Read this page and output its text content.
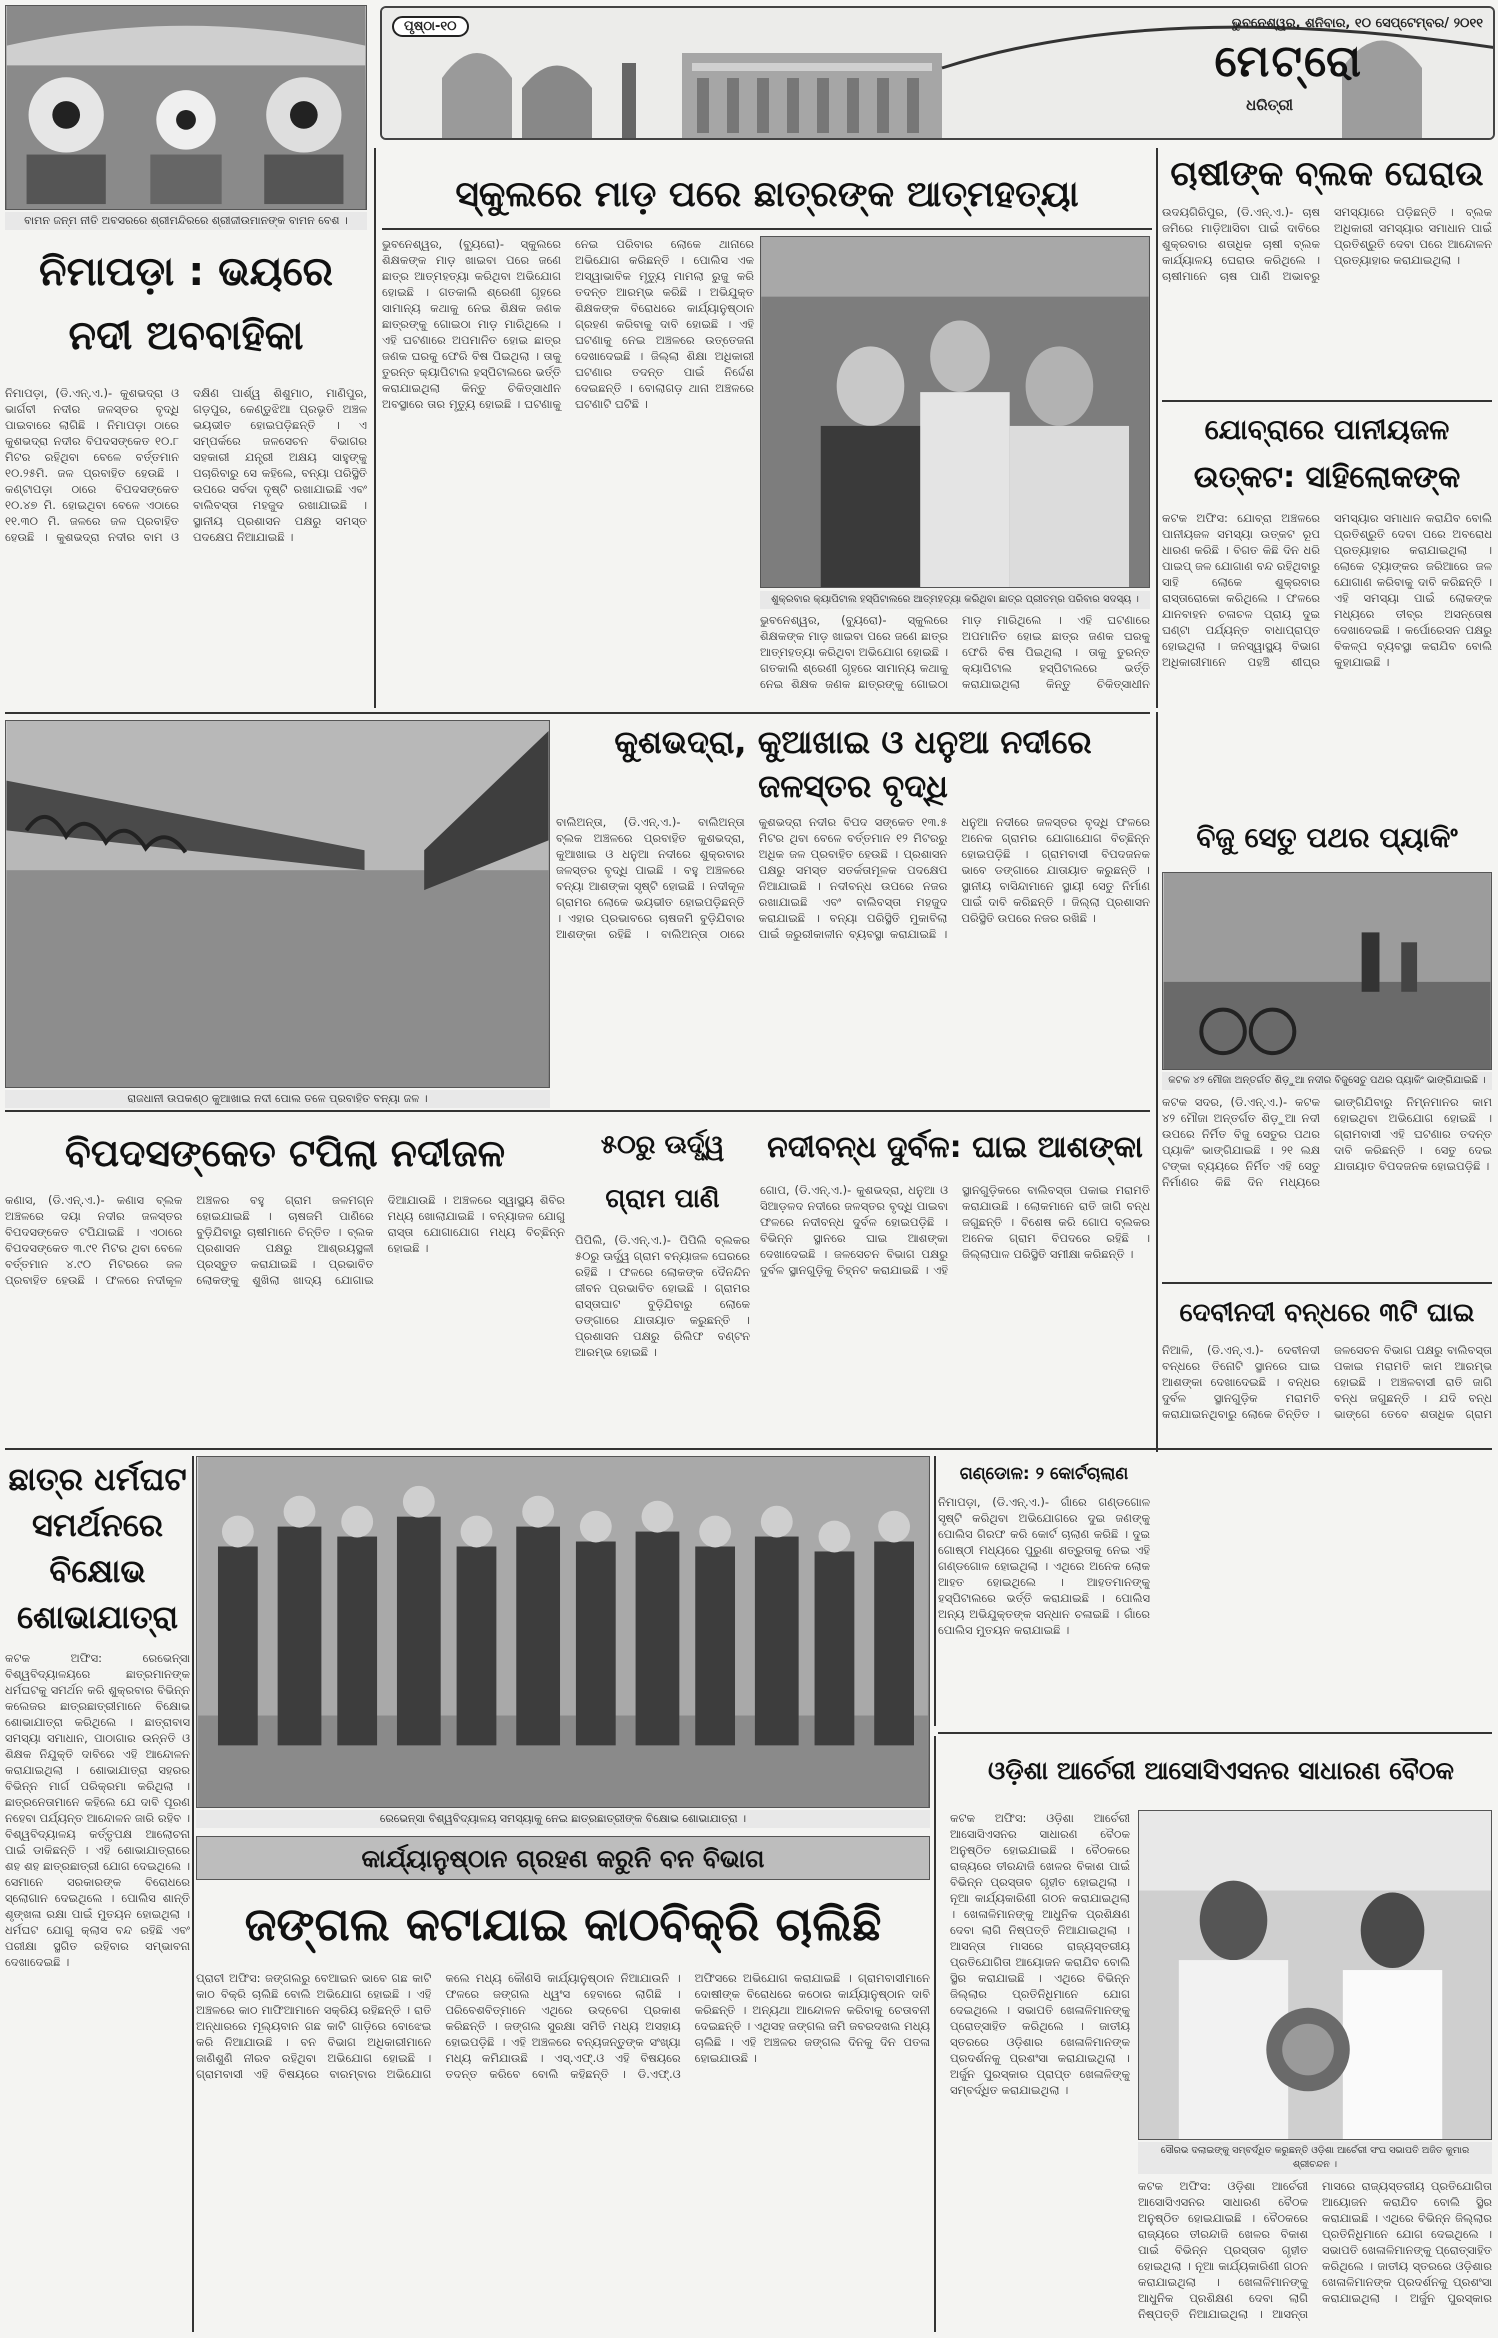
ବାମନ ଜନ୍ମ ନୀତି ଅବସରରେ ଶ୍ରୀମନ୍ଦିରରେ ଶ୍ରୀଜୀଉମାନଙ୍କ ବାମନ ବେଶ ।
ପୃଷ୍ଠା-୧୦	ଭୁବନେଶ୍ୱର, ଶନିବାର, ୧୦ ସେପ୍ଟେମ୍ବର/ ୨୦୧୧
ମେଟ୍ରୋ
ଧରିତ୍ରୀ
ନିମାପଡ଼ା : ଭୟରେ ନଦୀ ଅବବାହିକା
ନିମାପଡ଼ା, (ଡି.ଏନ୍.ଏ.)- କୁଶଭଦ୍ରା ଓ ଭାର୍ଗବୀ ନଦୀର ଜଳସ୍ତର ବୃଦ୍ଧି ପାଇବାରେ ଲାଗିଛି । ନିମାପଡ଼ା ଠାରେ କୁଶଭଦ୍ରା ନଦୀର ବିପଦସଙ୍କେତ ୧୦.୮ ମିଟର ରହିଥିବା ବେଳେ ବର୍ତ୍ତମାନ ୧୦.୨୫ମି. ଜଳ ପ୍ରବାହିତ ହେଉଛି । କଣ୍ଟାପଡ଼ା ଠାରେ ବିପଦସଙ୍କେତ ୧୦.୪୭ ମି. ହୋଇଥିବା ବେଳେ ଏଠାରେ ୧୧.୩୦ ମି. ଜଳରେ ଜଳ ପ୍ରବାହିତ ହେଉଛି । କୁଶଭଦ୍ରା ନଦୀର ବାମ ଓ ଦକ୍ଷିଣ ପାର୍ଶ୍ୱ ଶିଶୁମାଠ, ମାଣିପୁର, ଗଡ଼ପୁର, କେଣ୍ଡୁଝିଆ ପ୍ରଭୃତି ଅଞ୍ଚଳ ଭୟଭୀତ ହୋଇପଡ଼ିଛନ୍ତି । ଏ ସମ୍ପର୍କରେ ଜଳସେଚନ ବିଭାଗର ସହକାରୀ ଯନ୍ତ୍ରୀ ଅକ୍ଷୟ ସାହୁଙ୍କୁ ପଚାରିବାରୁ ସେ କହିଲେ, ବନ୍ୟା ପରିସ୍ଥିତି ଉପରେ ସର୍ବଦା ଦୃଷ୍ଟି ରଖାଯାଇଛି ଏବଂ ବାଲିବସ୍ତା ମହଜୁଦ ରଖାଯାଇଛି । ସ୍ଥାନୀୟ ପ୍ରଶାସନ ପକ୍ଷରୁ ସମସ୍ତ ପଦକ୍ଷେପ ନିଆଯାଇଛି ।
ସ୍କୁଲରେ ମାଡ଼ ପରେ ଛାତ୍ରଙ୍କ ଆତ୍ମହତ୍ୟା
ଭୁବନେଶ୍ୱର, (ବ୍ୟୁରୋ)- ସ୍କୁଲରେ ଶିକ୍ଷକଙ୍କ ମାଡ଼ ଖାଇବା ପରେ ଜଣେ ଛାତ୍ର ଆତ୍ମହତ୍ୟା କରିଥିବା ଅଭିଯୋଗ ହୋଇଛି । ଗତକାଲି ଶ୍ରେଣୀ ଗୃହରେ ସାମାନ୍ୟ କଥାକୁ ନେଇ ଶିକ୍ଷକ ଜଣକ ଛାତ୍ରଙ୍କୁ ଗୋଇଠା ମାଡ଼ ମାରିଥିଲେ । ଏହି ଘଟଣାରେ ଅପମାନିତ ହୋଇ ଛାତ୍ର ଜଣକ ଘରକୁ ଫେରି ବିଷ ପିଇଥିଲା । ତାକୁ ତୁରନ୍ତ କ୍ୟାପିଟାଲ ହସ୍ପିଟାଲରେ ଭର୍ତ୍ତି କରାଯାଇଥିଲା କିନ୍ତୁ ଚିକିତ୍ସାଧୀନ ଅବସ୍ଥାରେ ତାର ମୃତ୍ୟୁ ହୋଇଛି । ଘଟଣାକୁ ନେଇ ପରିବାର ଲୋକେ ଥାନାରେ ଅଭିଯୋଗ କରିଛନ୍ତି । ପୋଲିସ ଏକ ଅସ୍ୱାଭାବିକ ମୃତ୍ୟୁ ମାମଲା ରୁଜୁ କରି ତଦନ୍ତ ଆରମ୍ଭ କରିଛି । ଅଭିଯୁକ୍ତ ଶିକ୍ଷକଙ୍କ ବିରୋଧରେ କାର୍ଯ୍ୟାନୁଷ୍ଠାନ ଗ୍ରହଣ କରିବାକୁ ଦାବି ହୋଇଛି । ଏହି ଘଟଣାକୁ ନେଇ ଅଞ୍ଚଳରେ ଉତ୍ତେଜନା ଦେଖାଦେଇଛି । ଜିଲ୍ଲା ଶିକ୍ଷା ଅଧିକାରୀ ଘଟଣାର ତଦନ୍ତ ପାଇଁ ନିର୍ଦ୍ଦେଶ ଦେଇଛନ୍ତି । ବୋଲାଗଡ଼ ଥାନା ଅଞ୍ଚଳରେ ଘଟଣାଟି ଘଟିଛି ।
ଶୁକ୍ରବାର କ୍ୟାପିଟାଲ ହସ୍ପିଟାଲରେ ଆତ୍ମହତ୍ୟା କରିଥିବା ଛାତ୍ର ପ୍ରୀତମ୍‌ର ପରିବାର ସଦସ୍ୟ ।
ଭୁବନେଶ୍ୱର, (ବ୍ୟୁରୋ)- ସ୍କୁଲରେ ଶିକ୍ଷକଙ୍କ ମାଡ଼ ଖାଇବା ପରେ ଜଣେ ଛାତ୍ର ଆତ୍ମହତ୍ୟା କରିଥିବା ଅଭିଯୋଗ ହୋଇଛି । ଗତକାଲି ଶ୍ରେଣୀ ଗୃହରେ ସାମାନ୍ୟ କଥାକୁ ନେଇ ଶିକ୍ଷକ ଜଣକ ଛାତ୍ରଙ୍କୁ ଗୋଇଠା ମାଡ଼ ମାରିଥିଲେ । ଏହି ଘଟଣାରେ ଅପମାନିତ ହୋଇ ଛାତ୍ର ଜଣକ ଘରକୁ ଫେରି ବିଷ ପିଇଥିଲା । ତାକୁ ତୁରନ୍ତ କ୍ୟାପିଟାଲ ହସ୍ପିଟାଲରେ ଭର୍ତ୍ତି କରାଯାଇଥିଲା କିନ୍ତୁ ଚିକିତ୍ସାଧୀନ
ଚାଷୀଙ୍କ ବ୍ଲକ ଘେରାଉ
ଉଦୟଗିରିପୁର, (ଡି.ଏନ୍.ଏ.)- ଚାଷ ଜମିରେ ମାଡ଼ିଆସିବା ପାଇଁ ଦାବିରେ ଶୁକ୍ରବାର ଶତାଧିକ ଚାଷୀ ବ୍ଲକ କାର୍ଯ୍ୟାଳୟ ଘେରାଉ କରିଥିଲେ । ଚାଷୀମାନେ ଚାଷ ପାଣି ଅଭାବରୁ ସମସ୍ୟାରେ ପଡ଼ିଛନ୍ତି । ବ୍ଲକ ଅଧିକାରୀ ସମସ୍ୟାର ସମାଧାନ ପାଇଁ ପ୍ରତିଶ୍ରୁତି ଦେବା ପରେ ଆନ୍ଦୋଳନ ପ୍ରତ୍ୟାହାର କରାଯାଇଥିଲା ।
ଯୋବ୍ରାରେ ପାନୀୟଜଳ
ଉତ୍କଟ: ସାହିଲୋକଙ୍କ
କଟକ ଅଫିସ: ଯୋବ୍ରା ଅଞ୍ଚଳରେ ପାନୀୟଜଳ ସମସ୍ୟା ଉତ୍କଟ ରୂପ ଧାରଣ କରିଛି । ବିଗତ କିଛି ଦିନ ଧରି ପାଇପ୍ ଜଳ ଯୋଗାଣ ବନ୍ଦ ରହିଥିବାରୁ ସାହି ଲୋକେ ଶୁକ୍ରବାର ରାସ୍ତାରୋକୋ କରିଥିଲେ । ଫଳରେ ଯାନବାହନ ଚଳାଚଳ ପ୍ରାୟ ଦୁଇ ଘଣ୍ଟା ପର୍ଯ୍ୟନ୍ତ ବାଧାପ୍ରାପ୍ତ ହୋଇଥିଲା । ଜନସ୍ୱାସ୍ଥ୍ୟ ବିଭାଗ ଅଧିକାରୀମାନେ ପହଞ୍ଚି ଶୀଘ୍ର ସମସ୍ୟାର ସମାଧାନ କରାଯିବ ବୋଲି ପ୍ରତିଶ୍ରୁତି ଦେବା ପରେ ଅବରୋଧ ପ୍ରତ୍ୟାହାର କରାଯାଇଥିଲା । ଲୋକେ ଟ୍ୟାଙ୍କର ଜରିଆରେ ଜଳ ଯୋଗାଣ କରିବାକୁ ଦାବି କରିଛନ୍ତି । ଏହି ସମସ୍ୟା ପାଇଁ ଲୋକଙ୍କ ମଧ୍ୟରେ ତୀବ୍ର ଅସନ୍ତୋଷ ଦେଖାଦେଇଛି । କର୍ପୋରେସନ ପକ୍ଷରୁ ବିକଳ୍ପ ବ୍ୟବସ୍ଥା କରାଯିବ ବୋଲି କୁହାଯାଇଛି ।
ରାଜଧାନୀ ଉପକଣ୍ଠ କୁଆଖାଇ ନଦୀ ପୋଲ ତଳେ ପ୍ରବାହିତ ବନ୍ୟା ଜଳ ।
କୁଶଭଦ୍ରା, କୁଆଖାଇ ଓ ଧନୁଆ ନଦୀରେ ଜଳସ୍ତର ବୃଦ୍ଧି
ବାଲିଅନ୍ତା, (ଡି.ଏନ୍.ଏ.)- ବାଲିଅନ୍ତା ବ୍ଲକ ଅଞ୍ଚଳରେ ପ୍ରବାହିତ କୁଶଭଦ୍ରା, କୁଆଖାଇ ଓ ଧନୁଆ ନଦୀରେ ଶୁକ୍ରବାର ଜଳସ୍ତର ବୃଦ୍ଧି ପାଇଛି । ବହୁ ଅଞ୍ଚଳରେ ବନ୍ୟା ଆଶଙ୍କା ସୃଷ୍ଟି ହୋଇଛି । ନଦୀକୂଳ ଗ୍ରାମର ଲୋକେ ଭୟଭୀତ ହୋଇପଡ଼ିଛନ୍ତି । ଏହାର ପ୍ରଭାବରେ ଚାଷଜମି ବୁଡ଼ିଯିବାର ଆଶଙ୍କା ରହିଛି । ବାଲିଅନ୍ତା ଠାରେ କୁଶଭଦ୍ରା ନଦୀର ବିପଦ ସଙ୍କେତ ୧୩.୫ ମିଟର ଥିବା ବେଳେ ବର୍ତ୍ତମାନ ୧୨ ମିଟରରୁ ଅଧିକ ଜଳ ପ୍ରବାହିତ ହେଉଛି । ପ୍ରଶାସନ ପକ୍ଷରୁ ସମସ୍ତ ସତର୍କତାମୂଳକ ପଦକ୍ଷେପ ନିଆଯାଇଛି । ନଦୀବନ୍ଧ ଉପରେ ନଜର ରଖାଯାଇଛି ଏବଂ ବାଲିବସ୍ତା ମହଜୁଦ କରାଯାଇଛି । ବନ୍ୟା ପରିସ୍ଥିତି ମୁକାବିଲା ପାଇଁ ଜରୁରୀକାଳୀନ ବ୍ୟବସ୍ଥା କରାଯାଇଛି । ଧନୁଆ ନଦୀରେ ଜଳସ୍ତର ବୃଦ୍ଧି ଫଳରେ ଅନେକ ଗ୍ରାମର ଯୋଗାଯୋଗ ବିଚ୍ଛିନ୍ନ ହୋଇପଡ଼ିଛି । ଗ୍ରାମବାସୀ ବିପଦଜନକ ଭାବେ ଡଙ୍ଗାରେ ଯାତାୟାତ କରୁଛନ୍ତି । ସ୍ଥାନୀୟ ବାସିନ୍ଦାମାନେ ସ୍ଥାୟୀ ସେତୁ ନିର୍ମାଣ ପାଇଁ ଦାବି କରିଛନ୍ତି । ଜିଲ୍ଲା ପ୍ରଶାସନ ପରିସ୍ଥିତି ଉପରେ ନଜର ରଖିଛି ।
ବିଜୁ ସେତୁ ପଥର ପ୍ୟାକିଂ
କଟକ ୪୨ ମୌଜା ଅନ୍ତର୍ଗତ ଶିଡ଼ୁଆ ନଦୀର ବିଜୁସେତୁ ପଥର ପ୍ୟାକିଂ ଭାଙ୍ଗିଯାଇଛି ।
କଟକ ସଦର, (ଡି.ଏନ୍.ଏ.)- କଟକ ୪୨ ମୌଜା ଅନ୍ତର୍ଗତ ଶିଡ଼ୁଆ ନଦୀ ଉପରେ ନିର୍ମିତ ବିଜୁ ସେତୁର ପଥର ପ୍ୟାକିଂ ଭାଙ୍ଗିଯାଇଛି । ୨୧ ଲକ୍ଷ ଟଙ୍କା ବ୍ୟୟରେ ନିର୍ମିତ ଏହି ସେତୁ ନିର୍ମାଣର କିଛି ଦିନ ମଧ୍ୟରେ ଭାଙ୍ଗିଯିବାରୁ ନିମ୍ନମାନର କାମ ହୋଇଥିବା ଅଭିଯୋଗ ହୋଇଛି । ଗ୍ରାମବାସୀ ଏହି ଘଟଣାର ତଦନ୍ତ ଦାବି କରିଛନ୍ତି । ସେତୁ ଦେଇ ଯାତାୟାତ ବିପଦଜନକ ହୋଇପଡ଼ିଛି ।
ଦେବୀନଦୀ ବନ୍ଧରେ ୩ଟି ଘାଇ
ନିଆଳି, (ଡି.ଏନ୍.ଏ.)- ଦେବୀନଦୀ ବନ୍ଧରେ ତିନୋଟି ସ୍ଥାନରେ ଘାଇ ଆଶଙ୍କା ଦେଖାଦେଇଛି । ବନ୍ଧର ଦୁର୍ବଳ ସ୍ଥାନଗୁଡ଼ିକ ମରାମତି କରାଯାଇନଥିବାରୁ ଲୋକେ ଚିନ୍ତିତ । ଜଳସେଚନ ବିଭାଗ ପକ୍ଷରୁ ବାଲିବସ୍ତା ପକାଇ ମରାମତି କାମ ଆରମ୍ଭ ହୋଇଛି । ଅଞ୍ଚଳବାସୀ ରାତି ଜାଗି ବନ୍ଧ ଜଗୁଛନ୍ତି । ଯଦି ବନ୍ଧ ଭାଙ୍ଗେ ତେବେ ଶତାଧିକ ଗ୍ରାମ
ବିପଦସଙ୍କେତ ଟପିଲା ନଦୀଜଳ
କଣାସ, (ଡି.ଏନ୍.ଏ.)- କଣାସ ବ୍ଲକ ଅଞ୍ଚଳରେ ଦୟା ନଦୀର ଜଳସ୍ତର ବିପଦସଙ୍କେତ ଟପିଯାଇଛି । ଏଠାରେ ବିପଦସଙ୍କେତ ୩.୯୧ ମିଟର ଥିବା ବେଳେ ବର୍ତ୍ତମାନ ୪.୯୦ ମିଟରରେ ଜଳ ପ୍ରବାହିତ ହେଉଛି । ଫଳରେ ନଦୀକୂଳ ଅଞ୍ଚଳର ବହୁ ଗ୍ରାମ ଜଳମଗ୍ନ ହୋଇଯାଇଛି । ଚାଷଜମି ପାଣିରେ ବୁଡ଼ିଯିବାରୁ ଚାଷୀମାନେ ଚିନ୍ତିତ । ବ୍ଲକ ପ୍ରଶାସନ ପକ୍ଷରୁ ଆଶ୍ରୟସ୍ଥଳୀ ପ୍ରସ୍ତୁତ କରାଯାଇଛି । ପ୍ରଭାବିତ ଲୋକଙ୍କୁ ଶୁଖିଲା ଖାଦ୍ୟ ଯୋଗାଇ ଦିଆଯାଉଛି । ଅଞ୍ଚଳରେ ସ୍ୱାସ୍ଥ୍ୟ ଶିବିର ମଧ୍ୟ ଖୋଲାଯାଇଛି । ବନ୍ୟାଜଳ ଯୋଗୁ ରାସ୍ତା ଯୋଗାଯୋଗ ମଧ୍ୟ ବିଚ୍ଛିନ୍ନ ହୋଇଛି ।
୫୦ରୁ ଊର୍ଦ୍ଧ୍ୱ ଗ୍ରାମ ପାଣି
ପିପିଲି, (ଡି.ଏନ୍.ଏ.)- ପିପିଲି ବ୍ଲକର ୫୦ରୁ ଊର୍ଦ୍ଧ୍ୱ ଗ୍ରାମ ବନ୍ୟାଜଳ ଘେରରେ ରହିଛି । ଫଳରେ ଲୋକଙ୍କ ଦୈନନ୍ଦିନ ଜୀବନ ପ୍ରଭାବିତ ହୋଇଛି । ଗ୍ରାମର ରାସ୍ତାଘାଟ ବୁଡ଼ିଯିବାରୁ ଲୋକେ ଡଙ୍ଗାରେ ଯାତାୟାତ କରୁଛନ୍ତି । ପ୍ରଶାସନ ପକ୍ଷରୁ ରିଲିଫ ବଣ୍ଟନ ଆରମ୍ଭ ହୋଇଛି ।
ନଦୀବନ୍ଧ ଦୁର୍ବଳ: ଘାଇ ଆଶଙ୍କା
ଗୋପ, (ଡି.ଏନ୍.ଏ.)- କୁଶଭଦ୍ରା, ଧନୁଆ ଓ ସିଆଡ଼ଳଦ ନଦୀରେ ଜଳସ୍ତର ବୃଦ୍ଧି ପାଇବା ଫଳରେ ନଦୀବନ୍ଧ ଦୁର୍ବଳ ହୋଇପଡ଼ିଛି । ବିଭିନ୍ନ ସ୍ଥାନରେ ଘାଇ ଆଶଙ୍କା ଦେଖାଦେଇଛି । ଜଳସେଚନ ବିଭାଗ ପକ୍ଷରୁ ଦୁର୍ବଳ ସ୍ଥାନଗୁଡ଼ିକୁ ଚିହ୍ନଟ କରାଯାଇଛି । ଏହି ସ୍ଥାନଗୁଡ଼ିକରେ ବାଲିବସ୍ତା ପକାଇ ମରାମତି କରାଯାଉଛି । ଲୋକମାନେ ରାତି ଜାଗି ବନ୍ଧ ଜଗୁଛନ୍ତି । ବିଶେଷ କରି ଗୋପ ବ୍ଲକର ଅନେକ ଗ୍ରାମ ବିପଦରେ ରହିଛି । ଜିଲ୍ଲାପାଳ ପରିସ୍ଥିତି ସମୀକ୍ଷା କରିଛନ୍ତି ।
ଛାତ୍ର ଧର୍ମଘଟ ସମର୍ଥନରେ ବିକ୍ଷୋଭ ଶୋଭାଯାତ୍ରା
କଟକ ଅଫିସ: ରେଭେନ୍ସା ବିଶ୍ୱବିଦ୍ୟାଳୟରେ ଛାତ୍ରମାନଙ୍କ ଧର୍ମଘଟକୁ ସମର୍ଥନ କରି ଶୁକ୍ରବାର ବିଭିନ୍ନ କଲେଜର ଛାତ୍ରଛାତ୍ରୀମାନେ ବିକ୍ଷୋଭ ଶୋଭାଯାତ୍ରା କରିଥିଲେ । ଛାତ୍ରାବାସ ସମସ୍ୟା ସମାଧାନ, ପାଠାଗାର ଉନ୍ନତି ଓ ଶିକ୍ଷକ ନିଯୁକ୍ତି ଦାବିରେ ଏହି ଆନ୍ଦୋଳନ କରାଯାଇଥିଲା । ଶୋଭାଯାତ୍ରା ସହରର ବିଭିନ୍ନ ମାର୍ଗ ପରିକ୍ରମା କରିଥିଲା । ଛାତ୍ରନେତାମାନେ କହିଲେ ଯେ ଦାବି ପୂରଣ ନହେବା ପର୍ଯ୍ୟନ୍ତ ଆନ୍ଦୋଳନ ଜାରି ରହିବ । ବିଶ୍ୱବିଦ୍ୟାଳୟ କର୍ତ୍ତୃପକ୍ଷ ଆଲୋଚନା ପାଇଁ ଡାକିଛନ୍ତି । ଏହି ଶୋଭାଯାତ୍ରାରେ ଶହ ଶହ ଛାତ୍ରଛାତ୍ରୀ ଯୋଗ ଦେଇଥିଲେ । ସେମାନେ ସରକାରଙ୍କ ବିରୋଧରେ ସ୍ଲୋଗାନ ଦେଇଥିଲେ । ପୋଲିସ ଶାନ୍ତି ଶୃଙ୍ଖଳା ରକ୍ଷା ପାଇଁ ମୁତୟନ ହୋଇଥିଲା । ଧର୍ମଘଟ ଯୋଗୁ କ୍ଲାସ ବନ୍ଦ ରହିଛି ଏବଂ ପରୀକ୍ଷା ସ୍ଥଗିତ ରହିବାର ସମ୍ଭାବନା ଦେଖାଦେଇଛି ।
ରେଭେନ୍ସା ବିଶ୍ୱବିଦ୍ୟାଳୟ ସମସ୍ୟାକୁ ନେଇ ଛାତ୍ରଛାତ୍ରୀଙ୍କ ବିକ୍ଷୋଭ ଶୋଭାଯାତ୍ରା ।
ଗଣ୍ଡୋଳ: ୨ କୋର୍ଟଚାଲାଣ
ନିମାପଡ଼ା, (ଡି.ଏନ୍.ଏ.)- ଗାଁରେ ଗଣ୍ଡଗୋଳ ସୃଷ୍ଟି କରିଥିବା ଅଭିଯୋଗରେ ଦୁଇ ଜଣଙ୍କୁ ପୋଲିସ ଗିରଫ କରି କୋର୍ଟ ଚାଲାଣ କରିଛି । ଦୁଇ ଗୋଷ୍ଠୀ ମଧ୍ୟରେ ପୁରୁଣା ଶତ୍ରୁତାକୁ ନେଇ ଏହି ଗଣ୍ଡଗୋଳ ହୋଇଥିଲା । ଏଥିରେ ଅନେକ ଲୋକ ଆହତ ହୋଇଥିଲେ । ଆହତମାନଙ୍କୁ ହସ୍ପିଟାଲରେ ଭର୍ତ୍ତି କରାଯାଇଛି । ପୋଲିସ ଅନ୍ୟ ଅଭିଯୁକ୍ତଙ୍କ ସନ୍ଧାନ ଚଳାଇଛି । ଗାଁରେ ପୋଲିସ ମୁତୟନ କରାଯାଇଛି ।
ଓଡ଼ିଶା ଆର୍ଚେରୀ ଆସୋସିଏସନର ସାଧାରଣ ବୈଠକ
କଟକ ଅଫିସ: ଓଡ଼ିଶା ଆର୍ଚେରୀ ଆସୋସିଏସନର ସାଧାରଣ ବୈଠକ ଅନୁଷ୍ଠିତ ହୋଇଯାଇଛି । ବୈଠକରେ ରାଜ୍ୟରେ ତୀରନ୍ଦାଜି ଖେଳର ବିକାଶ ପାଇଁ ବିଭିନ୍ନ ପ୍ରସ୍ତାବ ଗୃହୀତ ହୋଇଥିଲା । ନୂଆ କାର୍ଯ୍ୟକାରିଣୀ ଗଠନ କରାଯାଇଥିଲା । ଖେଳାଳିମାନଙ୍କୁ ଆଧୁନିକ ପ୍ରଶିକ୍ଷଣ ଦେବା ଲାଗି ନିଷ୍ପତ୍ତି ନିଆଯାଇଥିଲା । ଆସନ୍ତା ମାସରେ ରାଜ୍ୟସ୍ତରୀୟ ପ୍ରତିଯୋଗିତା ଆୟୋଜନ କରାଯିବ ବୋଲି ସ୍ଥିର କରାଯାଇଛି । ଏଥିରେ ବିଭିନ୍ନ ଜିଲ୍ଲାର ପ୍ରତିନିଧିମାନେ ଯୋଗ ଦେଇଥିଲେ । ସଭାପତି ଖେଳାଳିମାନଙ୍କୁ ପ୍ରୋତ୍ସାହିତ କରିଥିଲେ । ଜାତୀୟ ସ୍ତରରେ ଓଡ଼ିଶାର ଖେଳାଳିମାନଙ୍କ ପ୍ରଦର୍ଶନକୁ ପ୍ରଶଂସା କରାଯାଇଥିଲା । ଅର୍ଜୁନ ପୁରସ୍କାର ପ୍ରାପ୍ତ ଖେଳାଳିଙ୍କୁ ସମ୍ବର୍ଦ୍ଧିତ କରାଯାଇଥିଲା ।
ସୌରଭ ଦଲାଇଙ୍କୁ ସମ୍ବର୍ଦ୍ଧିତ କରୁଛନ୍ତି ଓଡ଼ିଶା ଆର୍ଚେରୀ ସଂଘ ସଭାପତି ଅଜିତ କୁମାର ଶ୍ରୀଚନ୍ଦନ ।
କଟକ ଅଫିସ: ଓଡ଼ିଶା ଆର୍ଚେରୀ ଆସୋସିଏସନର ସାଧାରଣ ବୈଠକ ଅନୁଷ୍ଠିତ ହୋଇଯାଇଛି । ବୈଠକରେ ରାଜ୍ୟରେ ତୀରନ୍ଦାଜି ଖେଳର ବିକାଶ ପାଇଁ ବିଭିନ୍ନ ପ୍ରସ୍ତାବ ଗୃହୀତ ହୋଇଥିଲା । ନୂଆ କାର୍ଯ୍ୟକାରିଣୀ ଗଠନ କରାଯାଇଥିଲା । ଖେଳାଳିମାନଙ୍କୁ ଆଧୁନିକ ପ୍ରଶିକ୍ଷଣ ଦେବା ଲାଗି ନିଷ୍ପତ୍ତି ନିଆଯାଇଥିଲା । ଆସନ୍ତା ମାସରେ ରାଜ୍ୟସ୍ତରୀୟ ପ୍ରତିଯୋଗିତା ଆୟୋଜନ କରାଯିବ ବୋଲି ସ୍ଥିର କରାଯାଇଛି । ଏଥିରେ ବିଭିନ୍ନ ଜିଲ୍ଲାର ପ୍ରତିନିଧିମାନେ ଯୋଗ ଦେଇଥିଲେ । ସଭାପତି ଖେଳାଳିମାନଙ୍କୁ ପ୍ରୋତ୍ସାହିତ କରିଥିଲେ । ଜାତୀୟ ସ୍ତରରେ ଓଡ଼ିଶାର ଖେଳାଳିମାନଙ୍କ ପ୍ରଦର୍ଶନକୁ ପ୍ରଶଂସା କରାଯାଇଥିଲା । ଅର୍ଜୁନ ପୁରସ୍କାର
କାର୍ଯ୍ୟାନୁଷ୍ଠାନ ଗ୍ରହଣ କରୁନି ବନ ବିଭାଗ
ଜଙ୍ଗଲ କଟାଯାଇ କାଠବିକ୍ରି ଚାଲିଛି
ପ୍ରାଚୀ ଅଫିସ: ଜଙ୍ଗଲରୁ ବେଆଇନ ଭାବେ ଗଛ କାଟି କାଠ ବିକ୍ରି ଚାଲିଛି ବୋଲି ଅଭିଯୋଗ ହୋଇଛି । ଏହି ଅଞ୍ଚଳରେ କାଠ ମାଫିଆମାନେ ସକ୍ରିୟ ରହିଛନ୍ତି । ରାତି ଅନ୍ଧାରରେ ମୂଲ୍ୟବାନ ଗଛ କାଟି ଗାଡ଼ିରେ ବୋଝେଇ କରି ନିଆଯାଉଛି । ବନ ବିଭାଗ ଅଧିକାରୀମାନେ ଜାଣିଶୁଣି ନୀରବ ରହିଥିବା ଅଭିଯୋଗ ହୋଇଛି । ଗ୍ରାମବାସୀ ଏହି ବିଷୟରେ ବାରମ୍ବାର ଅଭିଯୋଗ କଲେ ମଧ୍ୟ କୌଣସି କାର୍ଯ୍ୟାନୁଷ୍ଠାନ ନିଆଯାଉନି । ଫଳରେ ଜଙ୍ଗଲ ଧ୍ୱଂସ ହେବାରେ ଲାଗିଛି । ପରିବେଶବିତ୍‌ମାନେ ଏଥିରେ ଉଦ୍‌ବେଗ ପ୍ରକାଶ କରିଛନ୍ତି । ଜଙ୍ଗଲ ସୁରକ୍ଷା ସମିତି ମଧ୍ୟ ଅସହାୟ ହୋଇପଡ଼ିଛି । ଏହି ଅଞ୍ଚଳରେ ବନ୍ୟଜନ୍ତୁଙ୍କ ସଂଖ୍ୟା ମଧ୍ୟ କମିଯାଉଛି । ଏସ୍.ଏଫ୍.ଓ ଏହି ବିଷୟରେ ତଦନ୍ତ କରିବେ ବୋଲି କହିଛନ୍ତି । ଡି.ଏଫ୍.ଓ ଅଫିସରେ ଅଭିଯୋଗ କରାଯାଇଛି । ଗ୍ରାମବାସୀମାନେ ଦୋଷୀଙ୍କ ବିରୋଧରେ କଠୋର କାର୍ଯ୍ୟାନୁଷ୍ଠାନ ଦାବି କରିଛନ୍ତି । ଅନ୍ୟଥା ଆନ୍ଦୋଳନ କରିବାକୁ ଚେତାବନୀ ଦେଇଛନ୍ତି । ଏଥିସହ ଜଙ୍ଗଲ ଜମି ଜବରଦଖଲ ମଧ୍ୟ ଚାଲିଛି । ଏହି ଅଞ୍ଚଳର ଜଙ୍ଗଲ ଦିନକୁ ଦିନ ପତଳା ହୋଇଯାଉଛି ।
